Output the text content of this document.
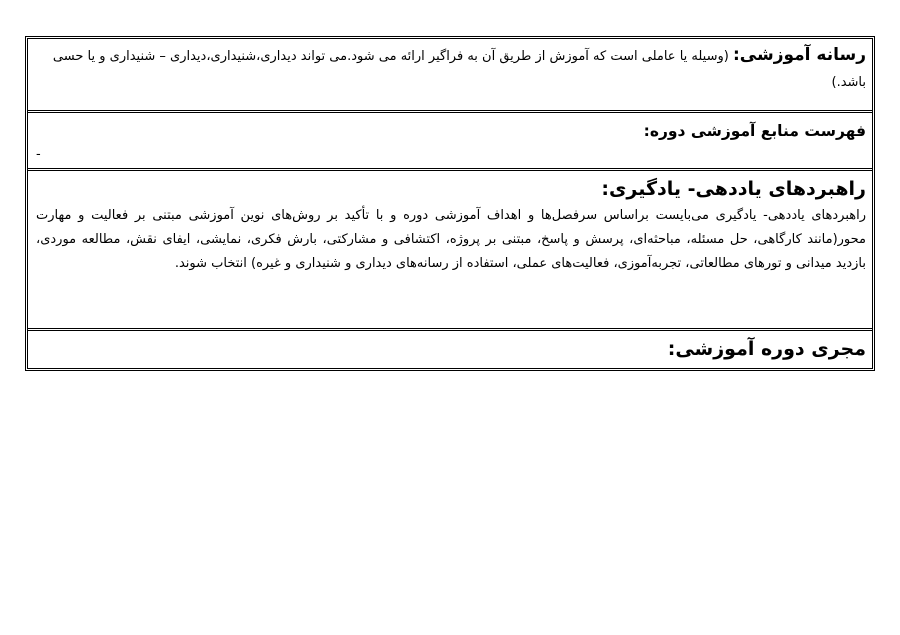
رسانه آموزشی: (وسیله یا عاملی است که آموزش از طریق آن به فراگیر ارائه می شود.می تواند دیداری،شنیداری،دیداری – شنیداری و یا حسی باشد.)
فهرست منابع آموزشی دوره:
-
راهبردهای یاددهی- یادگیری:
راهبردهای یاددهی- یادگیری می‌بایست براساس سرفصل‌ها و اهداف آموزشی دوره و با تأکید بر روش‌های نوین آموزشی مبتنی بر فعالیت و مهارت محور(مانند کارگاهی، حل مسئله، مباحثه‌ای، پرسش و پاسخ، مبتنی بر پروژه، اکتشافی و مشارکتی، بارش فکری، نمایشی، ایفای نقش، مطالعه موردی، بازدید میدانی و تورهای مطالعاتی، تجربه‌آموزی، فعالیت‌های عملی، استفاده از رسانه‌های دیداری و شنیداری و غیره) انتخاب شوند.
مجری دوره آموزشی:
